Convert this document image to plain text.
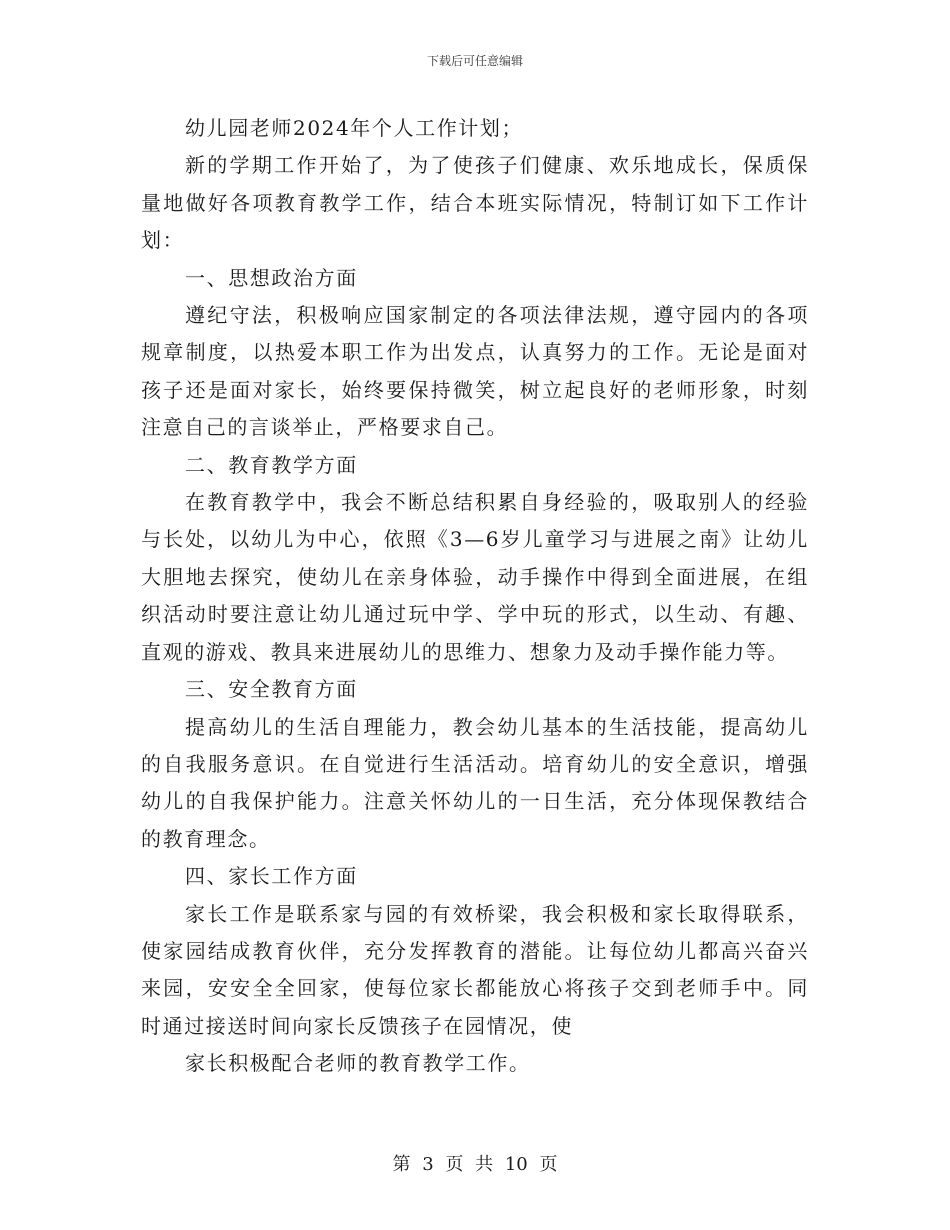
下载后可任意编辑

幼儿园老师2024年个人工作计划；

新的学期工作开始了，为了使孩子们健康、欢乐地成长，保质保量地做好各项教育教学工作，结合本班实际情况，特制订如下工作计划：

一、思想政治方面

遵纪守法，积极响应国家制定的各项法律法规，遵守园内的各项规章制度，以热爱本职工作为出发点，认真努力的工作。无论是面对孩子还是面对家长，始终要保持微笑，树立起良好的老师形象，时刻注意自己的言谈举止，严格要求自己。

二、教育教学方面

在教育教学中，我会不断总结积累自身经验的，吸取别人的经验与长处，以幼儿为中心，依照《3—6岁儿童学习与进展之南》让幼儿大胆地去探究，使幼儿在亲身体验，动手操作中得到全面进展，在组织活动时要注意让幼儿通过玩中学、学中玩的形式，以生动、有趣、直观的游戏、教具来进展幼儿的思维力、想象力及动手操作能力等。

三、安全教育方面

提高幼儿的生活自理能力，教会幼儿基本的生活技能，提高幼儿的自我服务意识。在自觉进行生活活动。培育幼儿的安全意识，增强幼儿的自我保护能力。注意关怀幼儿的一日生活，充分体现保教结合的教育理念。

四、家长工作方面

家长工作是联系家与园的有效桥梁，我会积极和家长取得联系，使家园结成教育伙伴，充分发挥教育的潜能。让每位幼儿都高兴奋兴来园，安安全全回家，使每位家长都能放心将孩子交到老师手中。同时通过接送时间向家长反馈孩子在园情况，使

家长积极配合老师的教育教学工作。

第 3 页 共 10 页
